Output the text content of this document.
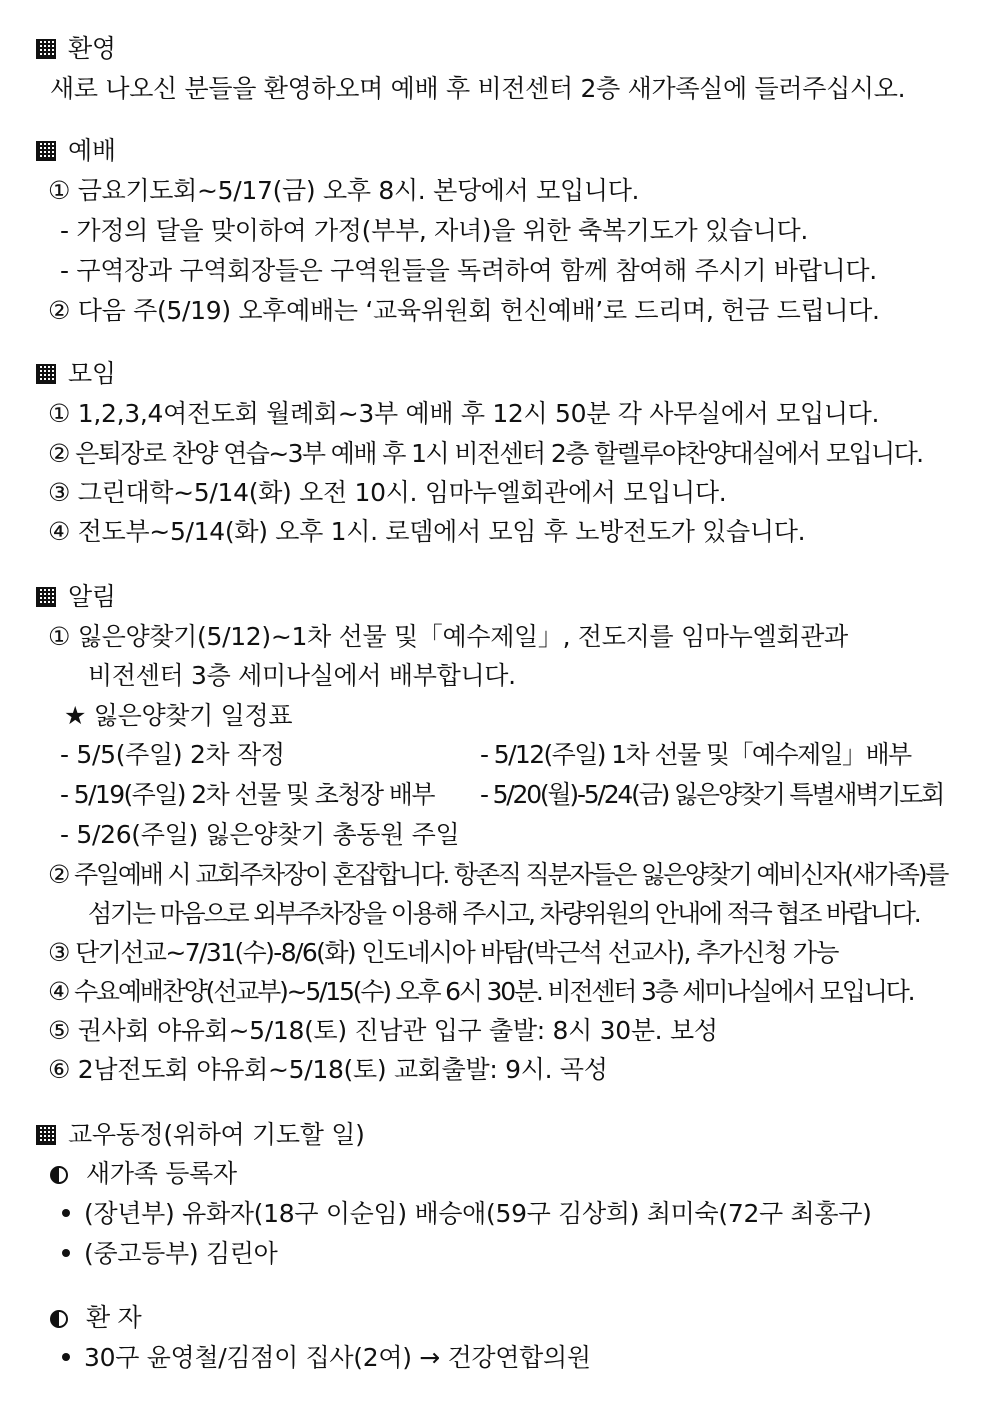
환영
새로 나오신 분들을 환영하오며 예배 후 비전센터 2층 새가족실에 들러주십시오.
예배
① 금요기도회~5/17(금) 오후 8시. 본당에서 모입니다.
- 가정의 달을 맞이하여 가정(부부, 자녀)을 위한 축복기도가 있습니다.
- 구역장과 구역회장들은 구역원들을 독려하여 함께 참여해 주시기 바랍니다.
② 다음 주(5/19) 오후예배는 ‘교육위원회 헌신예배’로 드리며, 헌금 드립니다.
모임
① 1,2,3,4여전도회 월례회~3부 예배 후 12시 50분 각 사무실에서 모입니다.
② 은퇴장로 찬양 연습~3부 예배 후 1시 비전센터 2층 할렐루야찬양대실에서 모입니다.
③ 그린대학~5/14(화) 오전 10시. 임마누엘회관에서 모입니다.
④ 전도부~5/14(화) 오후 1시. 로뎀에서 모임 후 노방전도가 있습니다.
알림
① 잃은양찾기(5/12)~1차 선물 및「예수제일」, 전도지를 임마누엘회관과
비전센터 3층 세미나실에서 배부합니다.
★ 잃은양찾기 일정표
- 5/5(주일) 2차 작정	- 5/12(주일) 1차 선물 및「예수제일」배부
- 5/19(주일) 2차 선물 및 초청장 배부	- 5/20(월)-5/24(금) 잃은양찾기 특별새벽기도회
- 5/26(주일) 잃은양찾기 총동원 주일
② 주일예배 시 교회주차장이 혼잡합니다. 항존직 직분자들은 잃은양찾기 예비신자(새가족)를
섬기는 마음으로 외부주차장을 이용해 주시고, 차량위원의 안내에 적극 협조 바랍니다.
③ 단기선교~7/31(수)-8/6(화) 인도네시아 바탐(박근석 선교사), 추가신청 가능
④ 수요예배찬양(선교부)~5/15(수) 오후 6시 30분. 비전센터 3층 세미나실에서 모입니다.
⑤ 권사회 야유회~5/18(토) 진남관 입구 출발: 8시 30분. 보성
⑥ 2남전도회 야유회~5/18(토) 교회출발: 9시. 곡성
교우동정(위하여 기도할 일)
새가족 등록자
(장년부) 유화자(18구 이순임) 배승애(59구 김상희) 최미숙(72구 최홍구)
(중고등부) 김린아
환 자
30구 윤영철/김점이 집사(2여) → 건강연합의원
